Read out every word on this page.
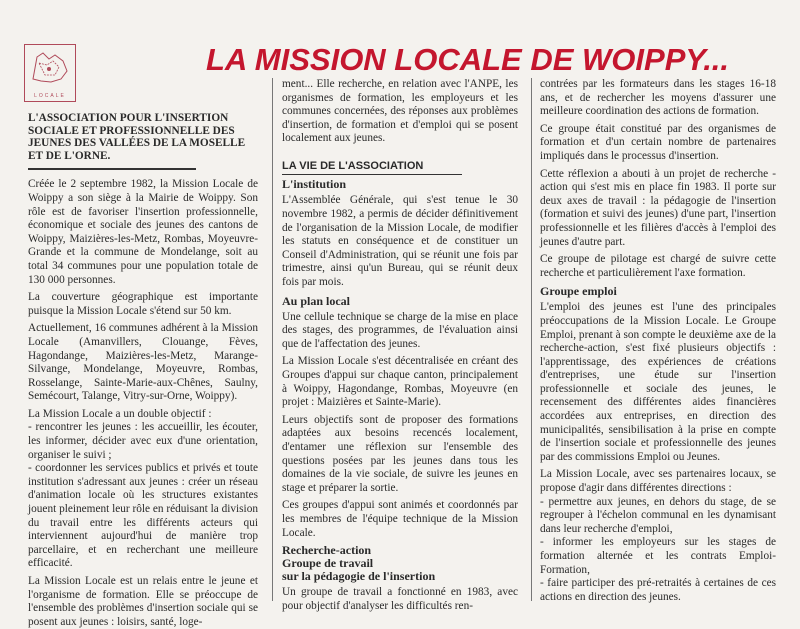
LOCALE
LA MISSION LOCALE DE WOIPPY...
L'ASSOCIATION POUR L'INSERTION SOCIALE ET PROFESSIONNELLE DES JEUNES DES VALLÉES DE LA MOSELLE ET DE L'ORNE.

Créée le 2 septembre 1982, la Mission Locale de Woippy a son siège à la Mairie de Woippy. Son rôle est de favoriser l'insertion professionnelle, économique et sociale des jeunes des cantons de Woippy, Maizières-les-Metz, Rombas, Moyeuvre-Grande et la commune de Mondelange, soit au total 34 communes pour une population totale de 130 000 personnes.

La couverture géographique est importante puisque la Mission Locale s'étend sur 50 km.

Actuellement, 16 communes adhérent à la Mission Locale (Amanvillers, Clouange, Fèves, Hagondange, Maizières-les-Metz, Marange-Silvange, Mondelange, Moyeuvre, Rombas, Rosselange, Sainte-Marie-aux-Chênes, Saulny, Semécourt, Talange, Vitry-sur-Orne, Woippy).

La Mission Locale a un double objectif :

- rencontrer les jeunes : les accueillir, les écouter, les informer, décider avec eux d'une orientation, organiser le suivi ;

- coordonner les services publics et privés et toute institution s'adressant aux jeunes : créer un réseau d'animation locale où les structures existantes jouent pleinement leur rôle en réduisant la division du travail entre les différents acteurs qui interviennent aujourd'hui de manière trop parcellaire, et en recherchant une meilleure efficacité.

La Mission Locale est un relais entre le jeune et l'organisme de formation. Elle se préoccupe de l'ensemble des problèmes d'insertion sociale qui se posent aux jeunes : loisirs, santé, loge-

ment... Elle recherche, en relation avec l'ANPE, les organismes de formation, les employeurs et les communes concernées, des réponses aux problèmes d'insertion, de formation et d'emploi qui se posent localement aux jeunes.

LA VIE DE L'ASSOCIATION
L'institution

L'Assemblée Générale, qui s'est tenue le 30 novembre 1982, a permis de décider définitivement de l'organisation de la Mission Locale, de modifier les statuts en conséquence et de constituer un Conseil d'Administration, qui se réunit une fois par trimestre, ainsi qu'un Bureau, qui se réunit deux fois par mois.

Au plan local

Une cellule technique se charge de la mise en place des stages, des programmes, de l'évaluation ainsi que de l'affectation des jeunes.

La Mission Locale s'est décentralisée en créant des Groupes d'appui sur chaque canton, principalement à Woippy, Hagondange, Rombas, Moyeuvre (en projet : Maizières et Sainte-Marie).

Leurs objectifs sont de proposer des formations adaptées aux besoins recencés localement, d'entamer une réflexion sur l'ensemble des questions posées par les jeunes dans tous les domaines de la vie sociale, de suivre les jeunes en stage et préparer la sortie.

Ces groupes d'appui sont animés et coordonnés par les membres de l'équipe technique de la Mission Locale.

Recherche-action
Groupe de travail
sur la pédagogie de l'insertion

Un groupe de travail a fonctionné en 1983, avec pour objectif d'analyser les difficultés ren-

contrées par les formateurs dans les stages 16-18 ans, et de rechercher les moyens d'assurer une meilleure coordination des actions de formation.

Ce groupe était constitué par des organismes de formation et d'un certain nombre de partenaires impliqués dans le processus d'insertion.

Cette réflexion a abouti à un projet de recherche - action qui s'est mis en place fin 1983. Il porte sur deux axes de travail : la pédagogie de l'insertion (formation et suivi des jeunes) d'une part, l'insertion professionnelle et les filières d'accès à l'emploi des jeunes d'autre part.

Ce groupe de pilotage est chargé de suivre cette recherche et particulièrement l'axe formation.

Groupe emploi

L'emploi des jeunes est l'une des principales préoccupations de la Mission Locale. Le Groupe Emploi, prenant à son compte le deuxième axe de la recherche-action, s'est fixé plusieurs objectifs : l'apprentissage, des expériences de créations d'entreprises, une étude sur l'insertion professionnelle et sociale des jeunes, le recensement des différentes aides financières accordées aux entreprises, en direction des municipalités, sensibilisation à la prise en compte de l'insertion sociale et professionnelle des jeunes par des commissions Emploi ou Jeunes.

La Mission Locale, avec ses partenaires locaux, se propose d'agir dans différentes directions :

- permettre aux jeunes, en dehors du stage, de se regrouper à l'échelon communal en les dynamisant dans leur recherche d'emploi,

- informer les employeurs sur les stages de formation alternée et les contrats Emploi-Formation,

- faire participer des pré-retraités à certaines de ces actions en direction des jeunes.
